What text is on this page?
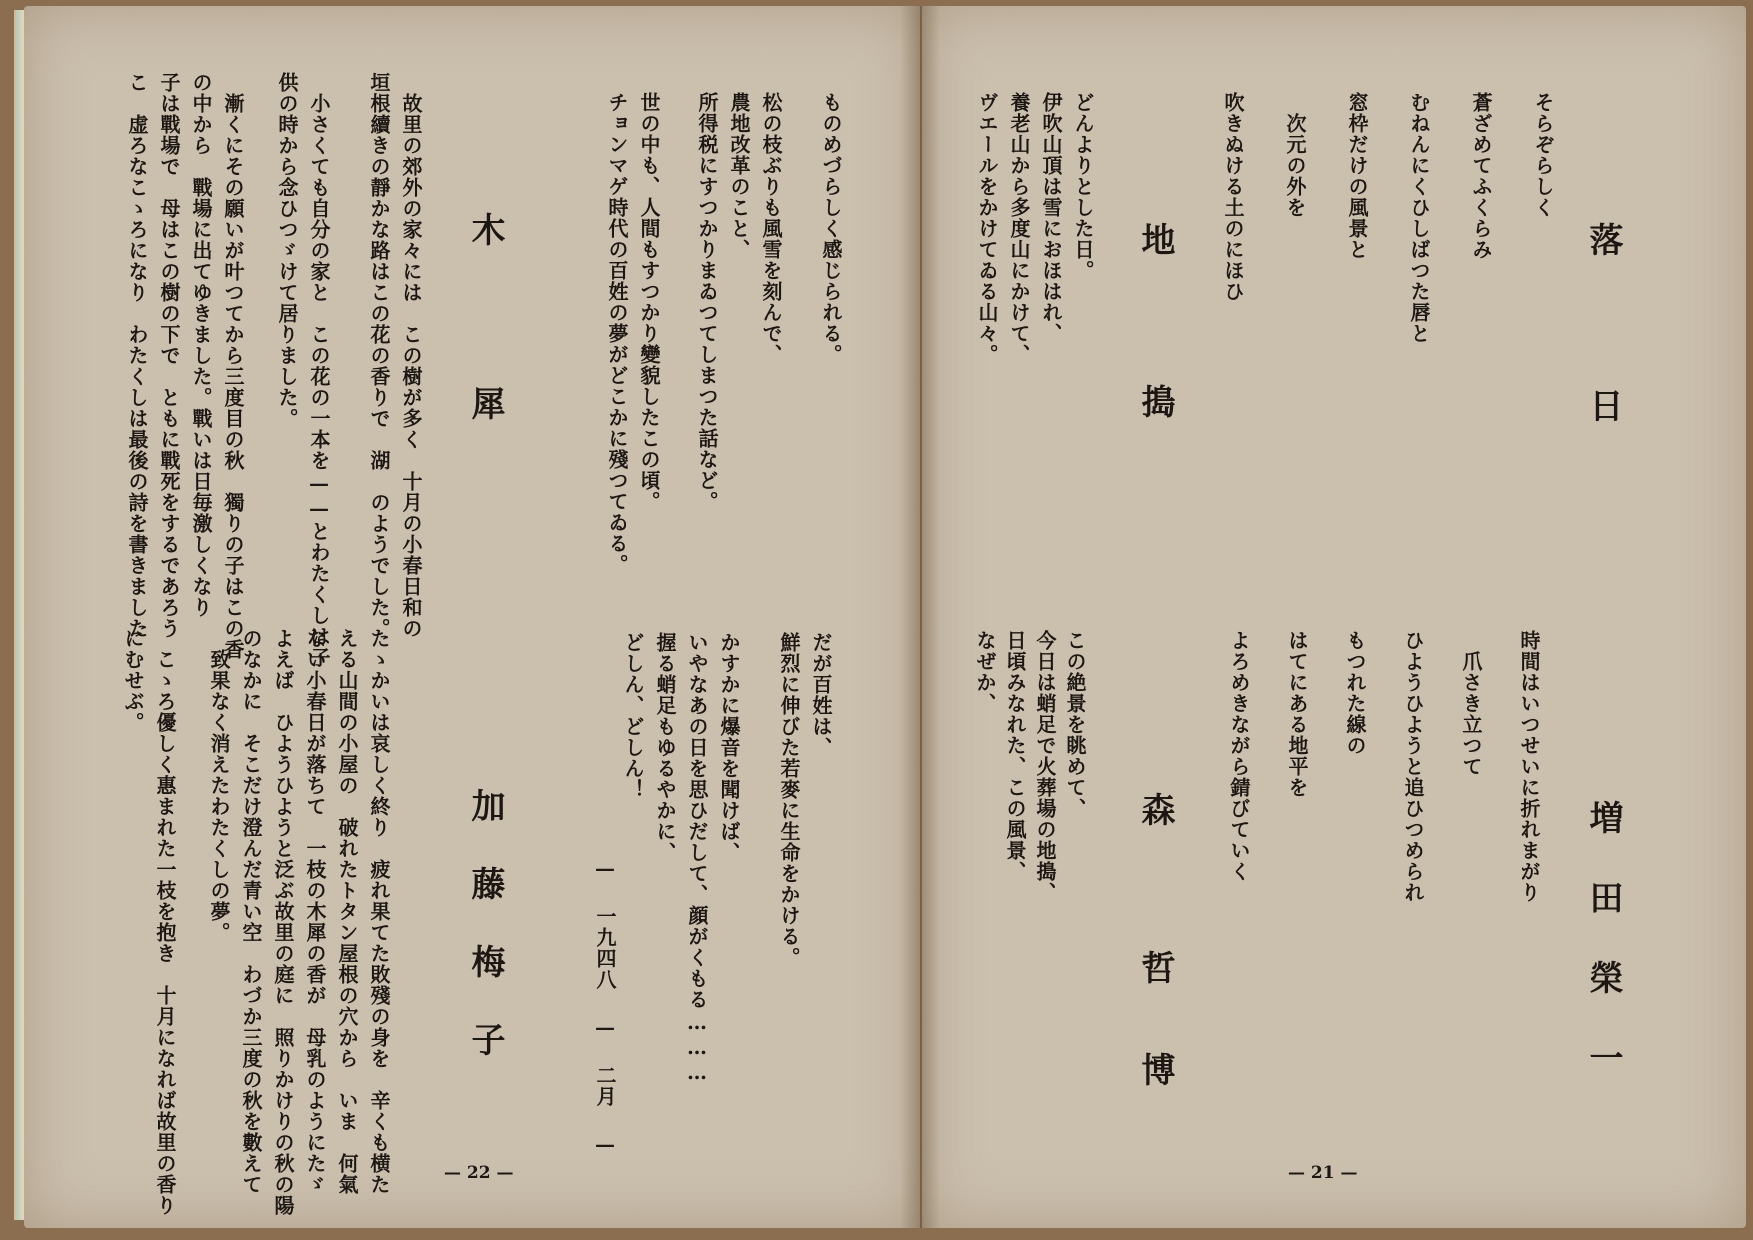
落
日
そらぞらしく
蒼ざめてふくらみ
むねんにくひしばつた唇と
窓枠だけの風景と
　次元の外を
吹きぬける土のにほひ
時間はいつせいに折れまがり
　爪さき立つて
ひようひようと追ひつめられ
もつれた線の
はてにある地平を
よろめきながら錆びていく	増
田
榮
一
どんよりとした日。
伊吹山頂は雪におほはれ、
養老山から多度山にかけて、
ヴエールをかけてゐる山々。	地
搗
この絶景を眺めて、
今日は蛸足で火葬場の地搗、
日頃みなれた、この風景、
なぜか、
森
哲
博
— 21 —
ものめづらしく感じられる。
松の枝ぶりも風雪を刻んで、
農地改革のこと、
所得税にすつかりまゐつてしまつた話など。
世の中も、人間もすつかり變貌したこの頃。
チョンマゲ時代の百姓の夢がどこかに殘つてゐる。
だが百姓は、
鮮烈に伸びた若麥に生命をかける。
かすかに爆音を聞けば、
いやなあの日を思ひだして、顔がくもる………
握る蛸足もゆるやかに、
どしん、どしん！
— 一九四八 — 二月 —
木
犀
加
藤
梅
子
　故里の郊外の家々には　この樹が多く　十月の小春日和の
垣根續きの靜かな路はこの花の香りで　湖　のようでした。
　小さくても自分の家と　この花の一本を——とわたくしは子
供の時から念ひつゞけて居りました。
　漸くにその願いが叶つてから三度目の秋　獨りの子はこの香
の中から　戰場に出てゆきました。戰いは日毎激しくなり
子は戰場で　母はこの樹の下で　ともに戰死をするであろう
こ　虚ろなこゝろになり　わたくしは最後の詩を書きました
たゝかいは哀しく終り　疲れ果てた敗殘の身を　辛くも横た
える山間の小屋の　破れたトタン屋根の穴から　いま　何氣
ない小春日が落ちて　一枝の木犀の香が　母乳のようにたゞ
よえば　ひようひようと泛ぶ故里の庭に　照りかけりの秋の陽
のなかに　そこだけ澄んだ青い空　わづか三度の秋を數えて
　致果なく消えたわたくしの夢。
　こゝろ優しく惠まれた一枝を抱き　十月になれば故里の香り
にむせぶ。
— 22 —
